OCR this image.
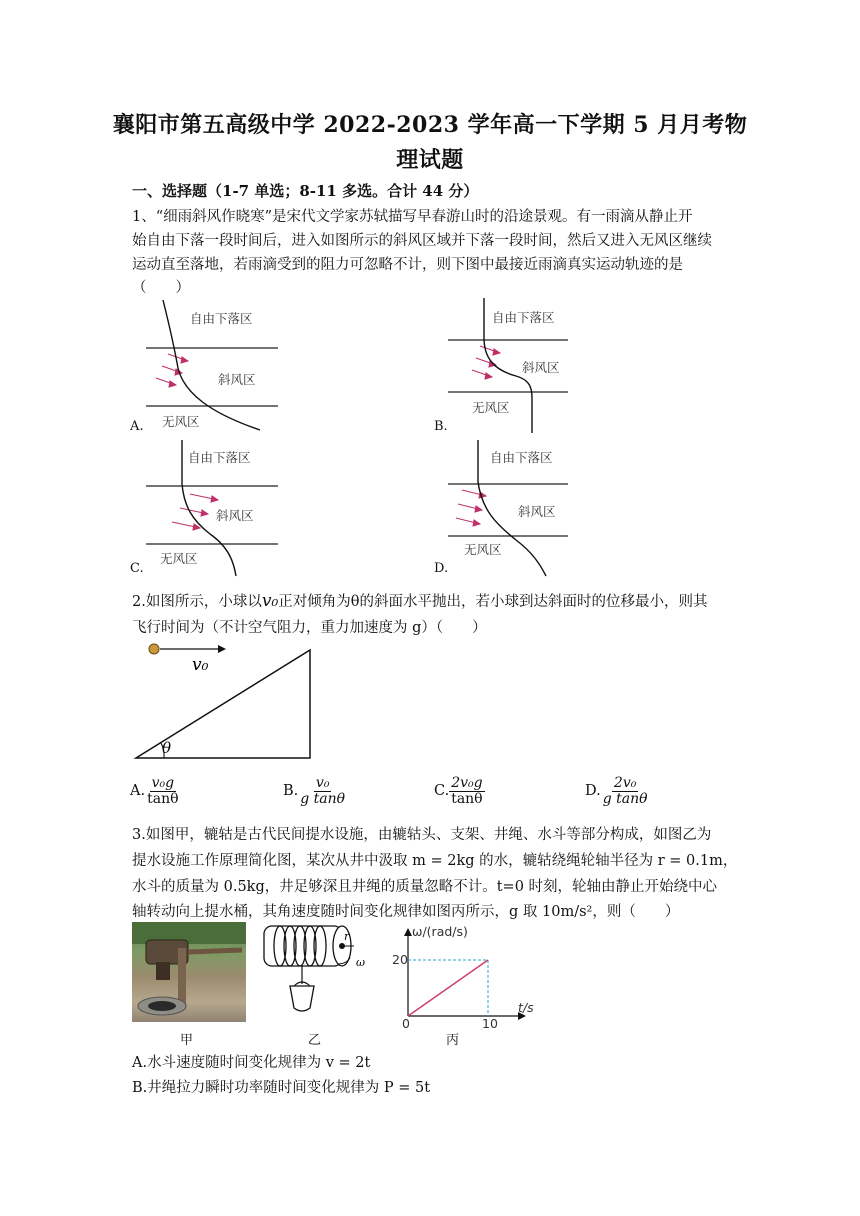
襄阳市第五高级中学 2022-2023 学年高一下学期 5 月月考物
理试题
一、选择题（1-7 单选；8-11 多选。合计 44 分）
1、“细雨斜风作晓寒”是宋代文学家苏轼描写早春游山时的沿途景观。有一雨滴从静止开
始自由下落一段时间后，进入如图所示的斜风区域并下落一段时间，然后又进入无风区继续
运动直至落地，若雨滴受到的阻力可忽略不计，则下图中最接近雨滴真实运动轨迹的是
（　　）
自由下落区
斜风区
无风区
A.
自由下落区
斜风区
无风区
B.
自由下落区
斜风区
无风区
C.
自由下落区
斜风区
无风区
D.
2.如图所示，小球以v₀正对倾角为θ的斜面水平抛出，若小球到达斜面时的位移最小，则其
飞行时间为（不计空气阻力，重力加速度为 g）（　　）
v₀
θ
A. $\frac{\text{v₀g}}{\tan\theta}$	B. $\frac{\text{v₀}}{\text{g tanθ}}$	C. $\frac{\text{2v₀g}}{\tan\theta}$	D. $\frac{\text{2v₀}}{\text{g tanθ}}$
3.如图甲，辘轱是古代民间提水设施，由辘轱头、支架、井绳、水斗等部分构成，如图乙为
提水设施工作原理简化图，某次从井中汲取 m = 2kg 的水，辘轱绕绳轮轴半径为 r = 0.1m，
水斗的质量为 0.5kg，井足够深且井绳的质量忽略不计。t=0 时刻，轮轴由静止开始绕中心
轴转动向上提水桶，其角速度随时间变化规律如图丙所示，g 取 10m/s²，则（　　）
r
ω
ω/(rad/s)
t/s
20
10
0
甲	乙	丙
A.水斗速度随时间变化规律为 v = 2t
B.井绳拉力瞬时功率随时间变化规律为 P = 5t
